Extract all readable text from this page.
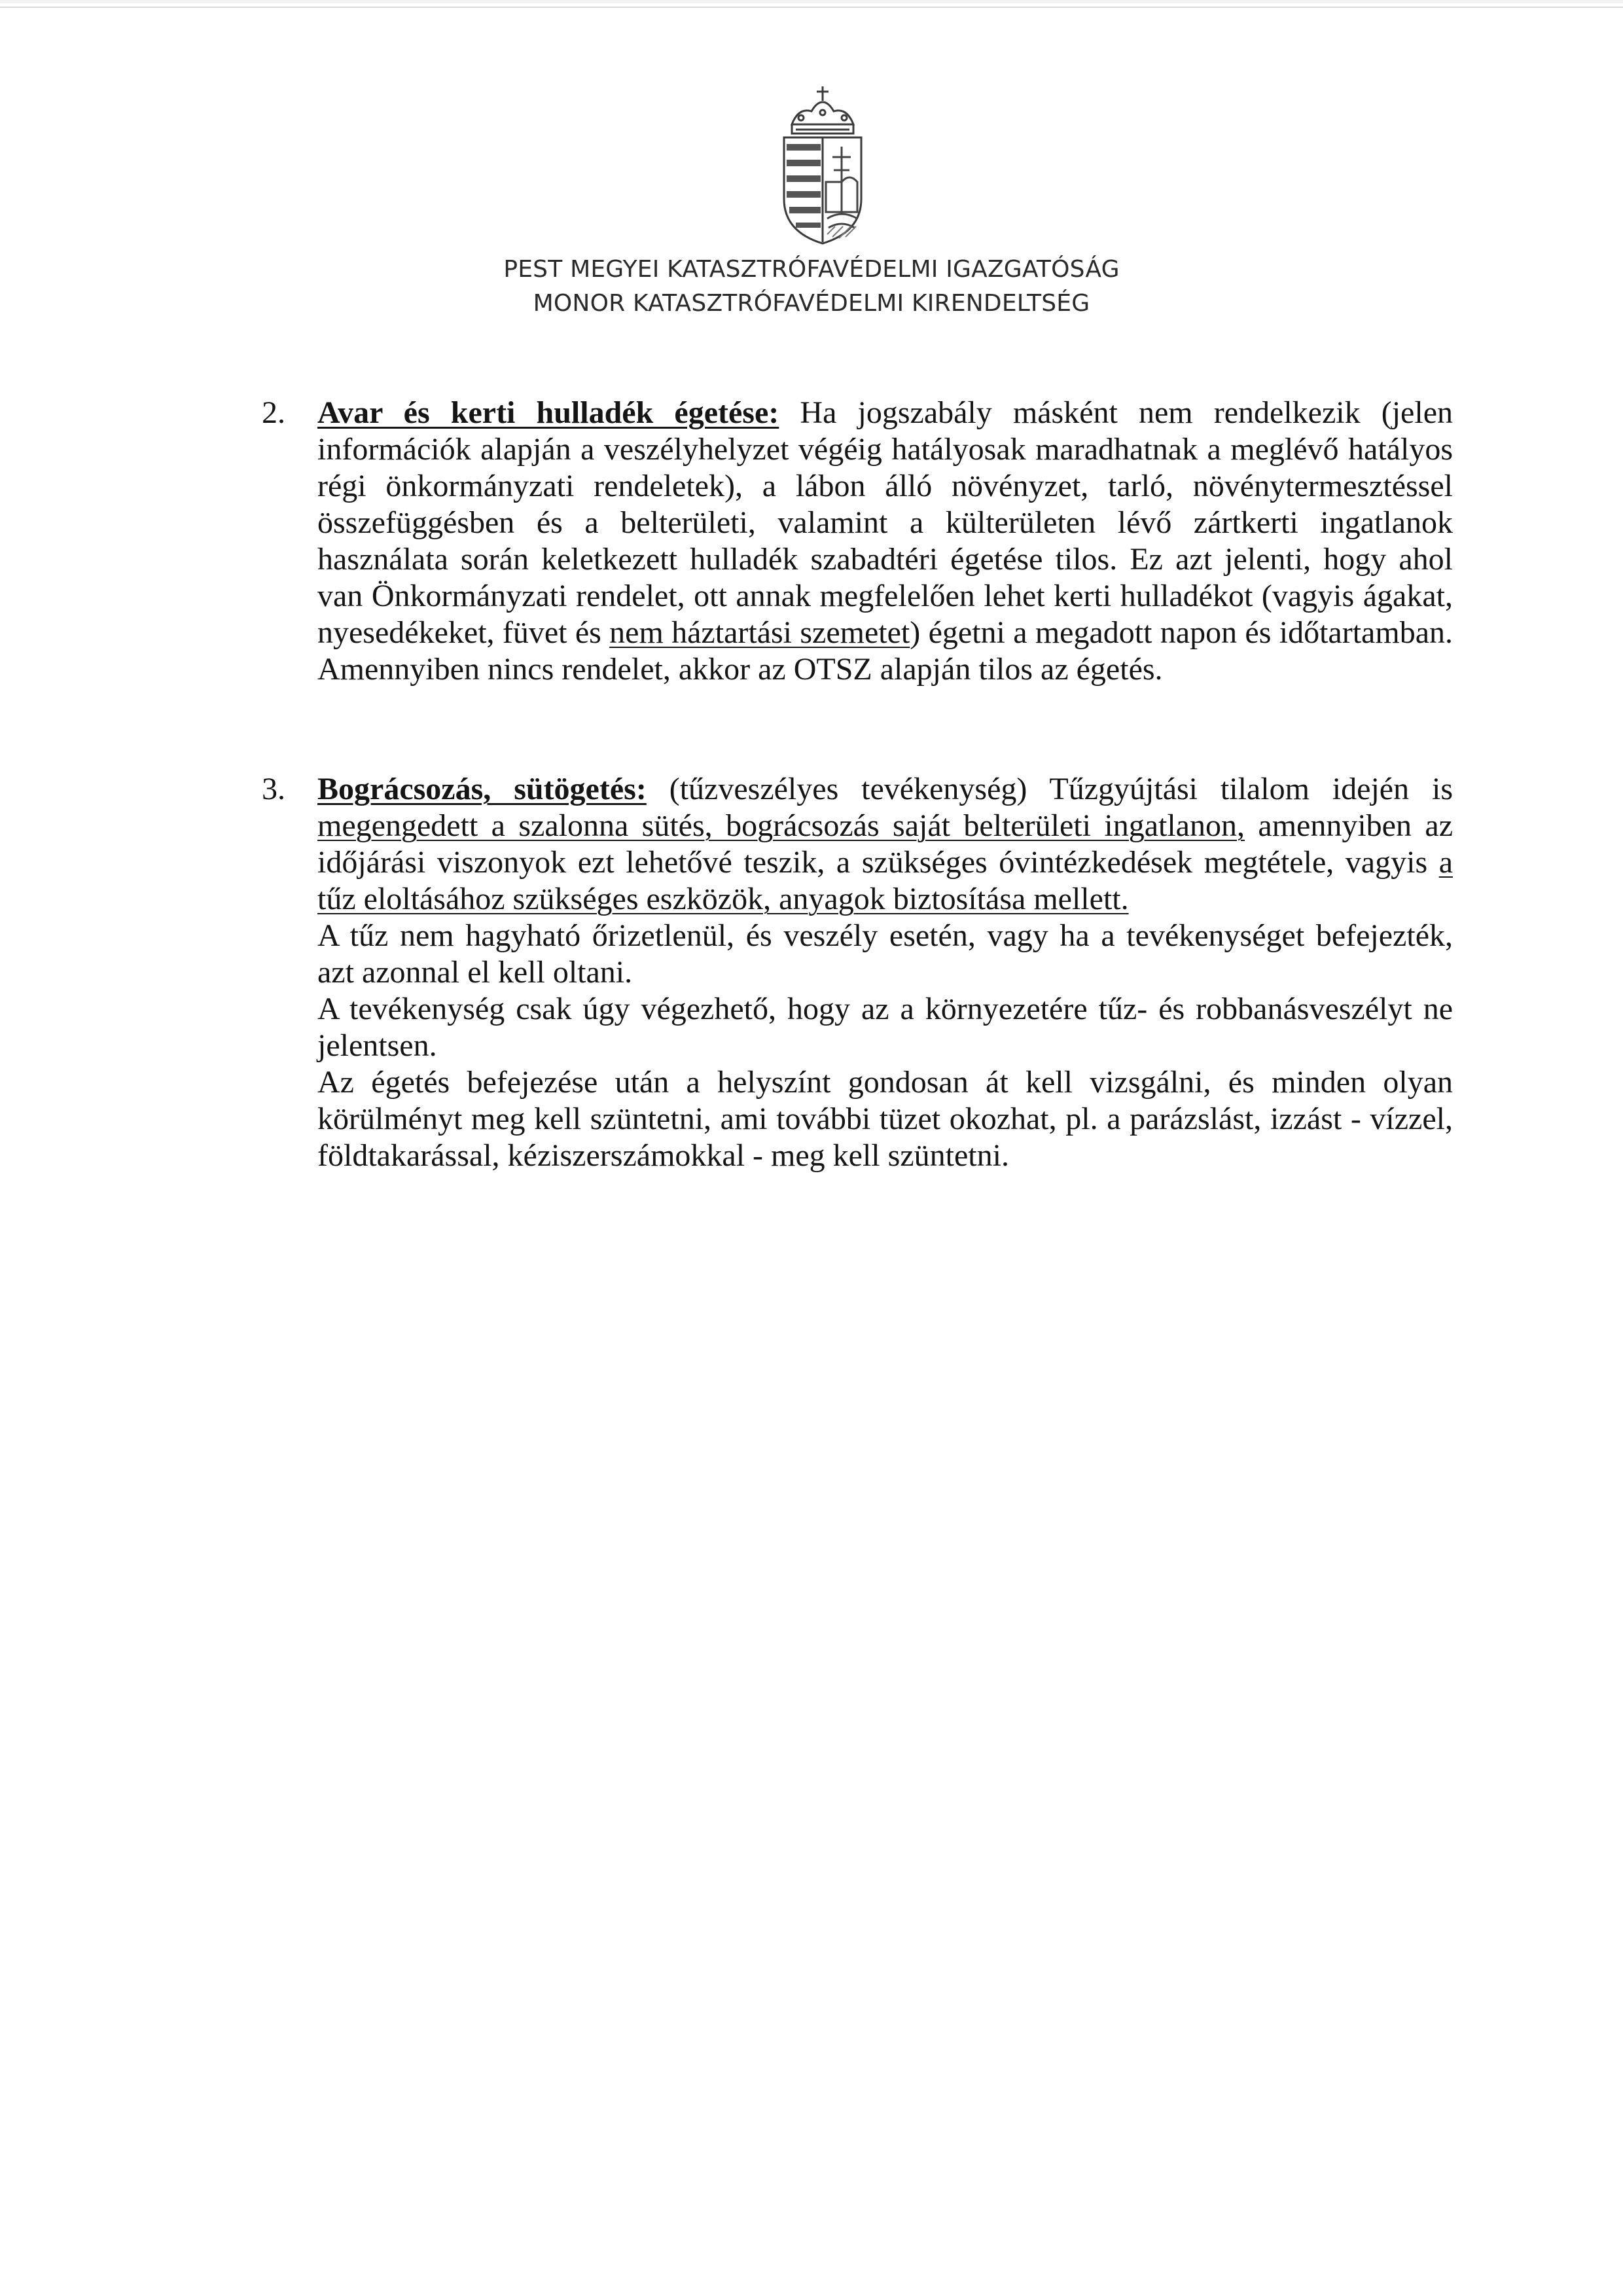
PEST MEGYEI KATASZTRÓFAVÉDELMI IGAZGATÓSÁG
MONOR KATASZTRÓFAVÉDELMI KIRENDELTSÉG
2.	Avar és kerti hulladék égetése: Ha jogszabály másként nem rendelkezik (jelen információk alapján a veszélyhelyzet végéig hatályosak maradhatnak a meglévő hatályos régi önkormányzati rendeletek), a lábon álló növényzet, tarló, növénytermesztéssel összefüggésben és a belterületi, valamint a külterületen lévő zártkerti ingatlanok használata során keletkezett hulladék szabadtéri égetése tilos. Ez azt jelenti, hogy ahol van Önkormányzati rendelet, ott annak megfelelően lehet kerti hulladékot (vagyis ágakat, nyesedékeket, füvet és nem háztartási szemetet) égetni a megadott napon és időtartamban. Amennyiben nincs rendelet, akkor az OTSZ alapján tilos az égetés.

3.	Bográcsozás, sütögetés: (tűzveszélyes tevékenység) Tűzgyújtási tilalom idején is megengedett a szalonna sütés, bográcsozás saját belterületi ingatlanon, amennyiben az időjárási viszonyok ezt lehetővé teszik, a szükséges óvintézkedések megtétele, vagyis a tűz eloltásához szükséges eszközök, anyagok biztosítása mellett.

A tűz nem hagyható őrizetlenül, és veszély esetén, vagy ha a tevékenységet befejezték, azt azonnal el kell oltani.

A tevékenység csak úgy végezhető, hogy az a környezetére tűz- és robbanásveszélyt ne jelentsen.

Az égetés befejezése után a helyszínt gondosan át kell vizsgálni, és minden olyan körülményt meg kell szüntetni, ami további tüzet okozhat, pl. a parázslást, izzást - vízzel, földtakarással, kéziszerszámokkal - meg kell szüntetni.
